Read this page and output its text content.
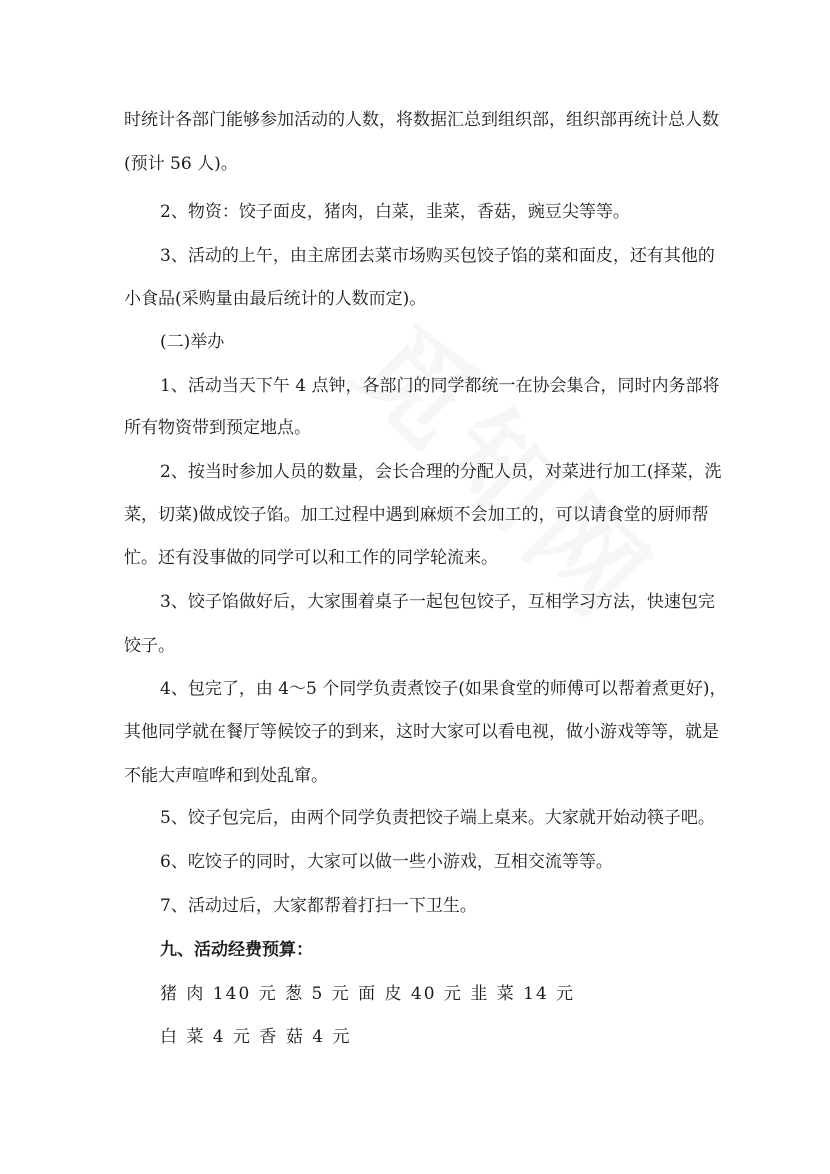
时统计各部门能够参加活动的人数，将数据汇总到组织部，组织部再统计总人数
(预计 56 人)。
2、物资：饺子面皮，猪肉，白菜，韭菜，香菇，豌豆尖等等。
3、活动的上午，由主席团去菜市场购买包饺子馅的菜和面皮，还有其他的
小食品(采购量由最后统计的人数而定)。
(二)举办
1、活动当天下午 4 点钟，各部门的同学都统一在协会集合，同时内务部将
所有物资带到预定地点。
2、按当时参加人员的数量，会长合理的分配人员，对菜进行加工(择菜，洗
菜，切菜)做成饺子馅。加工过程中遇到麻烦不会加工的，可以请食堂的厨师帮
忙。还有没事做的同学可以和工作的同学轮流来。
3、饺子馅做好后，大家围着桌子一起包包饺子，互相学习方法，快速包完
饺子。
4、包完了，由 4～5 个同学负责煮饺子(如果食堂的师傅可以帮着煮更好)，
其他同学就在餐厅等候饺子的到来，这时大家可以看电视，做小游戏等等，就是
不能大声喧哗和到处乱窜。
5、饺子包完后，由两个同学负责把饺子端上桌来。大家就开始动筷子吧。
6、吃饺子的同时，大家可以做一些小游戏，互相交流等等。
7、活动过后，大家都帮着打扫一下卫生。
九、活动经费预算：
猪 肉 140 元 葱 5 元 面 皮 40 元 韭 菜 14 元
白 菜 4 元 香 菇 4 元
